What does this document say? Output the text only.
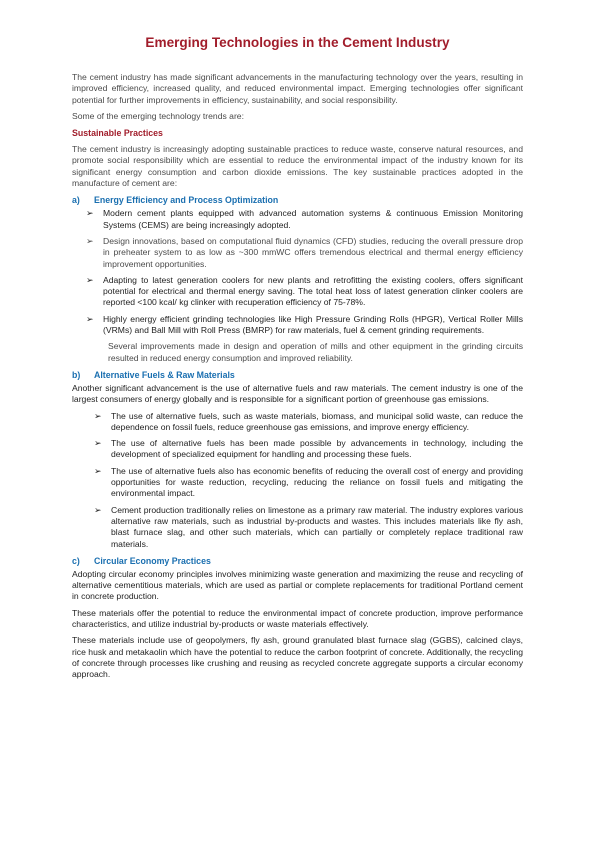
Emerging Technologies in the Cement Industry

The cement industry has made significant advancements in the manufacturing technology over the years, resulting in improved efficiency, increased quality, and reduced environmental impact. Emerging technologies offer significant potential for further improvements in efficiency, sustainability, and social responsibility.

Some of the emerging technology trends are:

Sustainable Practices

The cement industry is increasingly adopting sustainable practices to reduce waste, conserve natural resources, and promote social responsibility which are essential to reduce the environmental impact of the industry known for its significant energy consumption and carbon dioxide emissions. The key sustainable practices adopted in the manufacture of cement are:

a)	Energy Efficiency and Process Optimization
➢	Modern cement plants equipped with advanced automation systems & continuous Emission Monitoring Systems (CEMS) are being increasingly adopted.
➢	Design innovations, based on computational fluid dynamics (CFD) studies, reducing the overall pressure drop in preheater system to as low as ~300 mmWC offers tremendous electrical and thermal energy efficiency improvement opportunities.
➢	Adapting to latest generation coolers for new plants and retrofitting the existing coolers, offers significant potential for electrical and thermal energy saving. The total heat loss of latest generation clinker coolers are reported <100 kcal/ kg clinker with recuperation efficiency of 75-78%.
➢	Highly energy efficient grinding technologies like High Pressure Grinding Rolls (HPGR), Vertical Roller Mills (VRMs) and Ball Mill with Roll Press (BMRP) for raw materials, fuel & cement grinding requirements.

Several improvements made in design and operation of mills and other equipment in the grinding circuits resulted in reduced energy consumption and improved reliability.

b)	Alternative Fuels & Raw Materials

Another significant advancement is the use of alternative fuels and raw materials. The cement industry is one of the largest consumers of energy globally and is responsible for a significant portion of greenhouse gas emissions.

➢	The use of alternative fuels, such as waste materials, biomass, and municipal solid waste, can reduce the dependence on fossil fuels, reduce greenhouse gas emissions, and improve energy efficiency.
➢	The use of alternative fuels has been made possible by advancements in technology, including the development of specialized equipment for handling and processing these fuels.
➢	The use of alternative fuels also has economic benefits of reducing the overall cost of energy and providing opportunities for waste reduction, recycling, reducing the reliance on fossil fuels and mitigating the environmental impact.
➢	Cement production traditionally relies on limestone as a primary raw material. The industry explores various alternative raw materials, such as industrial by-products and wastes. This includes materials like fly ash, blast furnace slag, and other such materials, which can partially or completely replace traditional raw materials.
c)	Circular Economy Practices

Adopting circular economy principles involves minimizing waste generation and maximizing the reuse and recycling of alternative cementitious materials, which are used as partial or complete replacements for traditional Portland cement in concrete production.

These materials offer the potential to reduce the environmental impact of concrete production, improve performance characteristics, and utilize industrial by-products or waste materials effectively.

These materials include use of geopolymers, fly ash, ground granulated blast furnace slag (GGBS), calcined clays, rice husk and metakaolin which have the potential to reduce the carbon footprint of concrete. Additionally, the recycling of concrete through processes like crushing and reusing as recycled concrete aggregate supports a circular economy approach.
